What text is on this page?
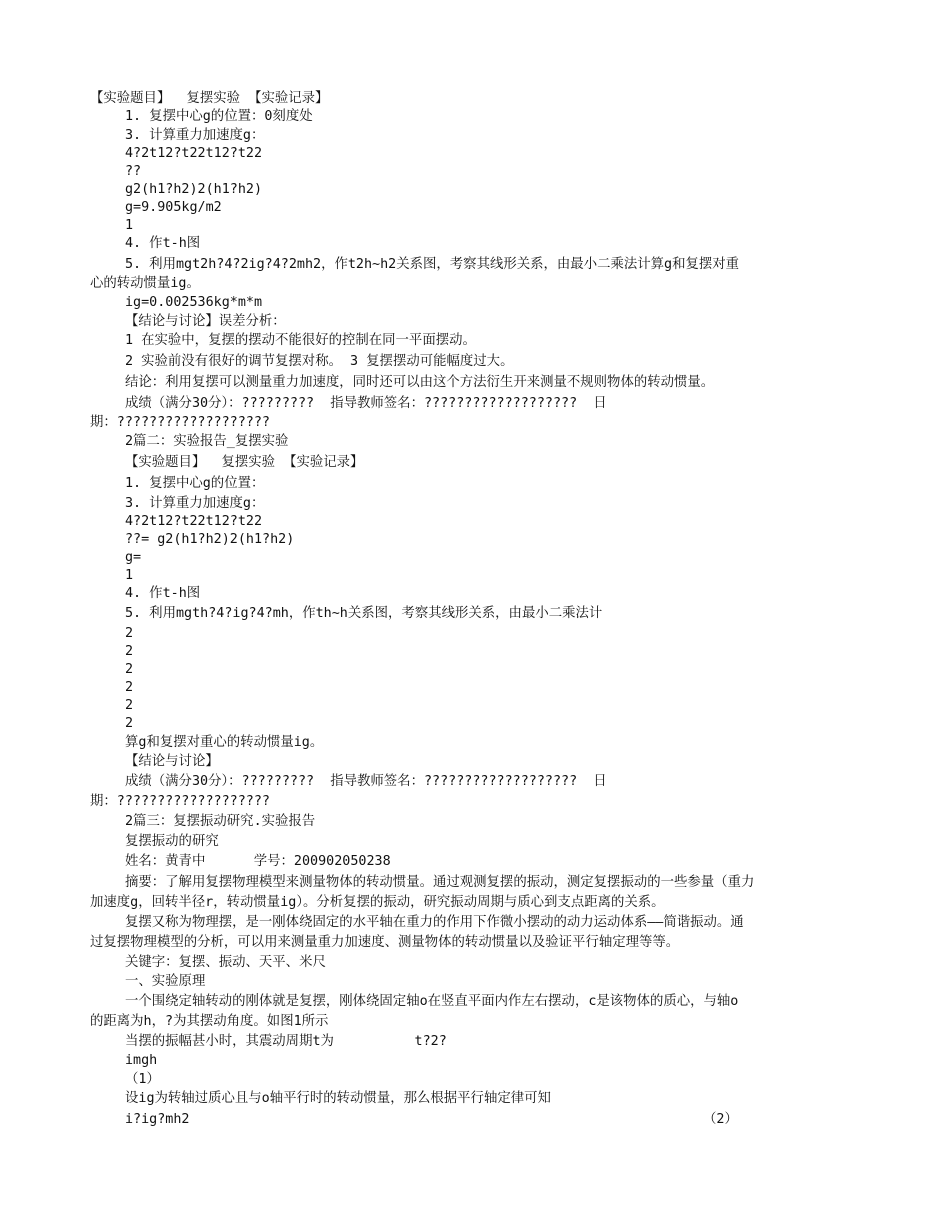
【实验题目】  复摆实验 【实验记录】
1. 复摆中心g的位置：0刻度处
3. 计算重力加速度g：
4?2t12?t22t12?t22
??
g2(h1?h2)2(h1?h2)
g=9.905kg/m2
1
4. 作t-h图
5. 利用mgt2h?4?2ig?4?2mh2，作t2h~h2关系图，考察其线形关系，由最小二乘法计算g和复摆对重
心的转动惯量ig。
ig=0.002536kg*m*m
【结论与讨论】误差分析：
1 在实验中，复摆的摆动不能很好的控制在同一平面摆动。
2 实验前没有很好的调节复摆对称。 3 复摆摆动可能幅度过大。
结论：利用复摆可以测量重力加速度，同时还可以由这个方法衍生开来测量不规则物体的转动惯量。
成绩（满分30分）：?????????  指导教师签名：???????????????????  日
期：???????????????????
2篇二：实验报告_复摆实验
【实验题目】  复摆实验 【实验记录】
1. 复摆中心g的位置：
3. 计算重力加速度g：
4?2t12?t22t12?t22
??= g2(h1?h2)2(h1?h2)
g=
1
4. 作t-h图
5. 利用mgth?4?ig?4?mh，作th~h关系图，考察其线形关系，由最小二乘法计
2
2
2
2
2
2
算g和复摆对重心的转动惯量ig。
【结论与讨论】
成绩（满分30分）：?????????  指导教师签名：???????????????????  日
期：???????????????????
2篇三：复摆振动研究.实验报告
复摆振动的研究
姓名：黄青中      学号：200902050238
摘要：了解用复摆物理模型来测量物体的转动惯量。通过观测复摆的振动，测定复摆振动的一些参量（重力
加速度g，回转半径r，转动惯量ig）。分析复摆的振动，研究振动周期与质心到支点距离的关系。
复摆又称为物理摆，是一刚体绕固定的水平轴在重力的作用下作微小摆动的动力运动体系——简谐振动。通
过复摆物理模型的分析，可以用来测量重力加速度、测量物体的转动惯量以及验证平行轴定理等等。
关键字：复摆、振动、天平、米尺
一、实验原理
一个围绕定轴转动的刚体就是复摆，刚体绕固定轴o在竖直平面内作左右摆动，c是该物体的质心，与轴o
的距离为h，?为其摆动角度。如图1所示
当摆的振幅甚小时，其震动周期t为          t?2?
imgh
（1）
设ig为转轴过质心且与o轴平行时的转动惯量，那么根据平行轴定律可知
i?ig?mh2	（2）
